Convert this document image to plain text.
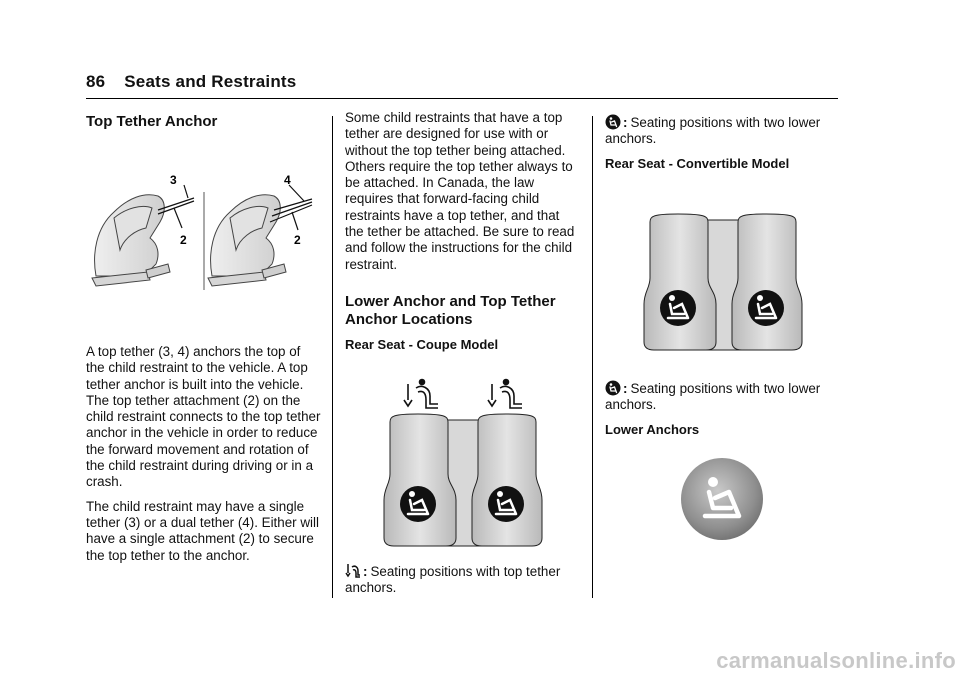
86 Seats and Restraints
Top Tether Anchor
3
2
4
2

A top tether (3, 4) anchors the top of the child restraint to the vehicle. A top tether anchor is built into the vehicle. The top tether attachment (2) on the child restraint connects to the top tether anchor in the vehicle in order to reduce the forward movement and rotation of the child restraint during driving or in a crash.

The child restraint may have a single tether (3) or a dual tether (4). Either will have a single attachment (2) to secure the top tether to the anchor.

Some child restraints that have a top tether are designed for use with or without the top tether being attached. Others require the top tether always to be attached. In Canada, the law requires that forward-facing child restraints have a top tether, and that the tether be attached. Be sure to read and follow the instructions for the child restraint.

Lower Anchor and Top Tether
Anchor Locations
Rear Seat - Coupe Model

: Seating positions with top tether anchors.

: Seating positions with two lower anchors.

Rear Seat - Convertible Model

: Seating positions with two lower anchors.

Lower Anchors
carmanualsonline.info
